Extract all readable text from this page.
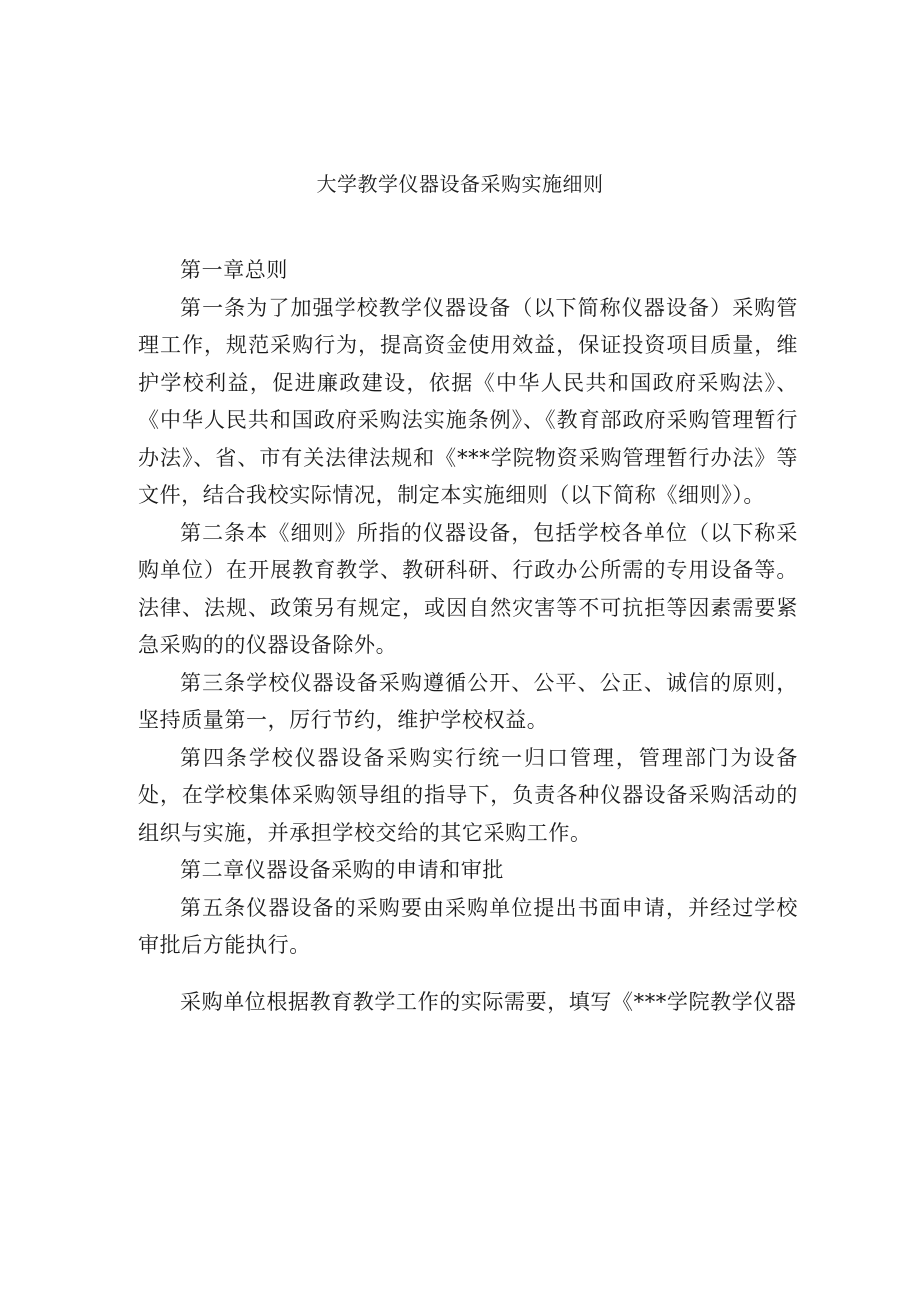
大学教学仪器设备采购实施细则

第一章总则

第一条为了加强学校教学仪器设备（以下简称仪器设备）采购管理工作，规范采购行为，提高资金使用效益，保证投资项目质量，维护学校利益，促进廉政建设，依据《中华人民共和国政府采购法》、《中华人民共和国政府采购法实施条例》、《教育部政府采购管理暂行办法》、省、市有关法律法规和《***学院物资采购管理暂行办法》等文件，结合我校实际情况，制定本实施细则（以下简称《细则》）。

第二条本《细则》所指的仪器设备，包括学校各单位（以下称采购单位）在开展教育教学、教研科研、行政办公所需的专用设备等。法律、法规、政策另有规定，或因自然灾害等不可抗拒等因素需要紧急采购的的仪器设备除外。

第三条学校仪器设备采购遵循公开、公平、公正、诚信的原则，坚持质量第一，厉行节约，维护学校权益。

第四条学校仪器设备采购实行统一归口管理，管理部门为设备处，在学校集体采购领导组的指导下，负责各种仪器设备采购活动的组织与实施，并承担学校交给的其它采购工作。

第二章仪器设备采购的申请和审批

第五条仪器设备的采购要由采购单位提出书面申请，并经过学校审批后方能执行。

采购单位根据教育教学工作的实际需要，填写《***学院教学仪器
